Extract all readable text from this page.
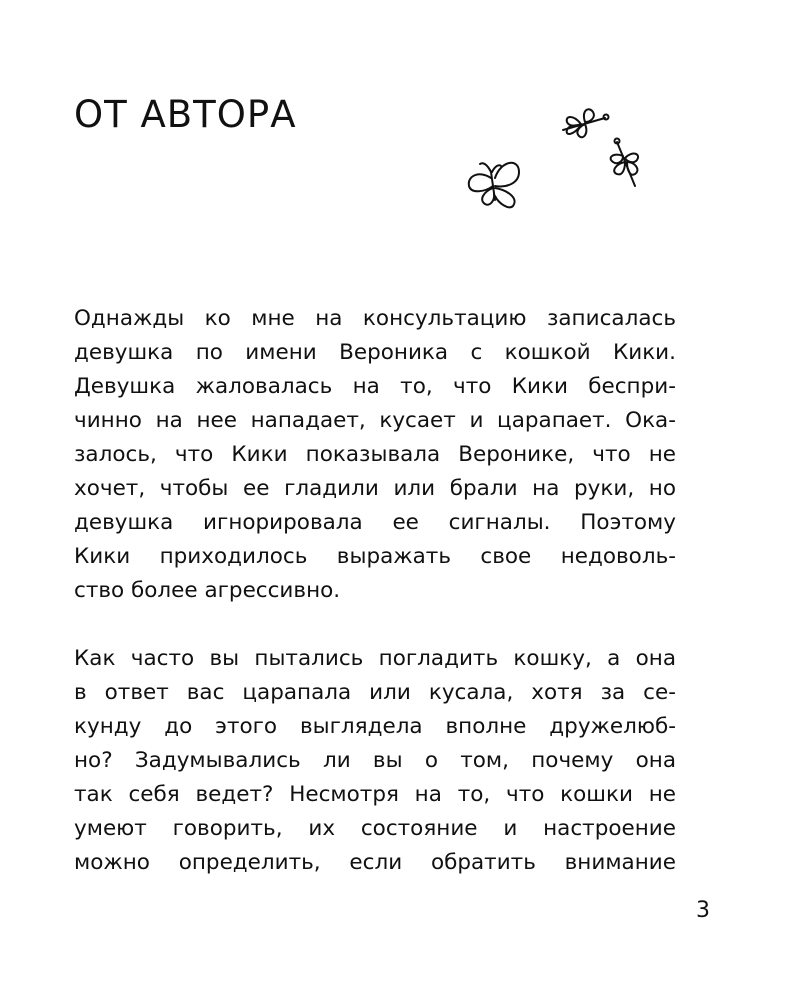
ОТ АВТОРА
Однажды ко мне на консультацию записалась
девушка по имени Вероника с кошкой Кики.
Девушка жаловалась на то, что Кики беспри-
чинно на нее нападает, кусает и царапает. Ока-
залось, что Кики показывала Веронике, что не
хочет, чтобы ее гладили или брали на руки, но
девушка игнорировала ее сигналы. Поэтому
Кики приходилось выражать свое недоволь-
ство более агрессивно.
Как часто вы пытались погладить кошку, а она
в ответ вас царапала или кусала, хотя за се-
кунду до этого выглядела вполне дружелюб-
но? Задумывались ли вы о том, почему она
так себя ведет? Несмотря на то, что кошки не
умеют говорить, их состояние и настроение
можно определить, если обратить внимание
3
